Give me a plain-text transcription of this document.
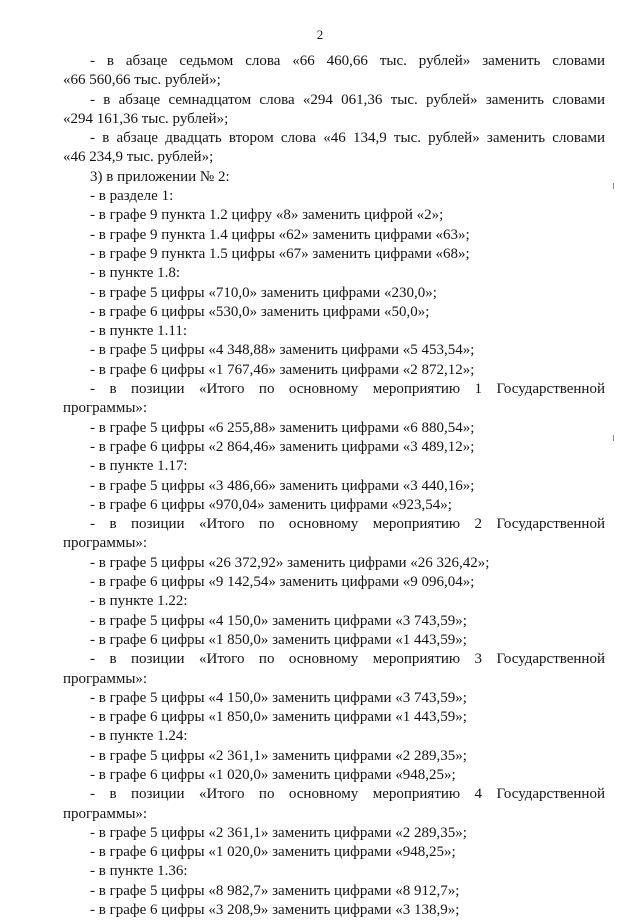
2
- в абзаце седьмом слова «66 460,66 тыс. рублей» заменить словами
«66 560,66 тыс. рублей»;
- в абзаце семнадцатом слова «294 061,36 тыс. рублей» заменить словами
«294 161,36 тыс. рублей»;
- в абзаце двадцать втором слова «46 134,9 тыс. рублей» заменить словами
«46 234,9 тыс. рублей»;
3) в приложении № 2:
- в разделе 1:
- в графе 9 пункта 1.2 цифру «8» заменить цифрой «2»;
- в графе 9 пункта 1.4 цифры «62» заменить цифрами «63»;
- в графе 9 пункта 1.5 цифры «67» заменить цифрами «68»;
- в пункте 1.8:
- в графе 5 цифры «710,0» заменить цифрами «230,0»;
- в графе 6 цифры «530,0» заменить цифрами «50,0»;
- в пункте 1.11:
- в графе 5 цифры «4 348,88» заменить цифрами «5 453,54»;
- в графе 6 цифры «1 767,46» заменить цифрами «2 872,12»;
- в позиции «Итого по основному мероприятию 1 Государственной
программы»:
- в графе 5 цифры «6 255,88» заменить цифрами «6 880,54»;
- в графе 6 цифры «2 864,46» заменить цифрами «3 489,12»;
- в пункте 1.17:
- в графе 5 цифры «3 486,66» заменить цифрами «3 440,16»;
- в графе 6 цифры «970,04» заменить цифрами «923,54»;
- в позиции «Итого по основному мероприятию 2 Государственной
программы»:
- в графе 5 цифры «26 372,92» заменить цифрами «26 326,42»;
- в графе 6 цифры «9 142,54» заменить цифрами «9 096,04»;
- в пункте 1.22:
- в графе 5 цифры «4 150,0» заменить цифрами «3 743,59»;
- в графе 6 цифры «1 850,0» заменить цифрами «1 443,59»;
- в позиции «Итого по основному мероприятию 3 Государственной
программы»:
- в графе 5 цифры «4 150,0» заменить цифрами «3 743,59»;
- в графе 6 цифры «1 850,0» заменить цифрами «1 443,59»;
- в пункте 1.24:
- в графе 5 цифры «2 361,1» заменить цифрами «2 289,35»;
- в графе 6 цифры «1 020,0» заменить цифрами «948,25»;
- в позиции «Итого по основному мероприятию 4 Государственной
программы»:
- в графе 5 цифры «2 361,1» заменить цифрами «2 289,35»;
- в графе 6 цифры «1 020,0» заменить цифрами «948,25»;
- в пункте 1.36:
- в графе 5 цифры «8 982,7» заменить цифрами «8 912,7»;
- в графе 6 цифры «3 208,9» заменить цифрами «3 138,9»;
